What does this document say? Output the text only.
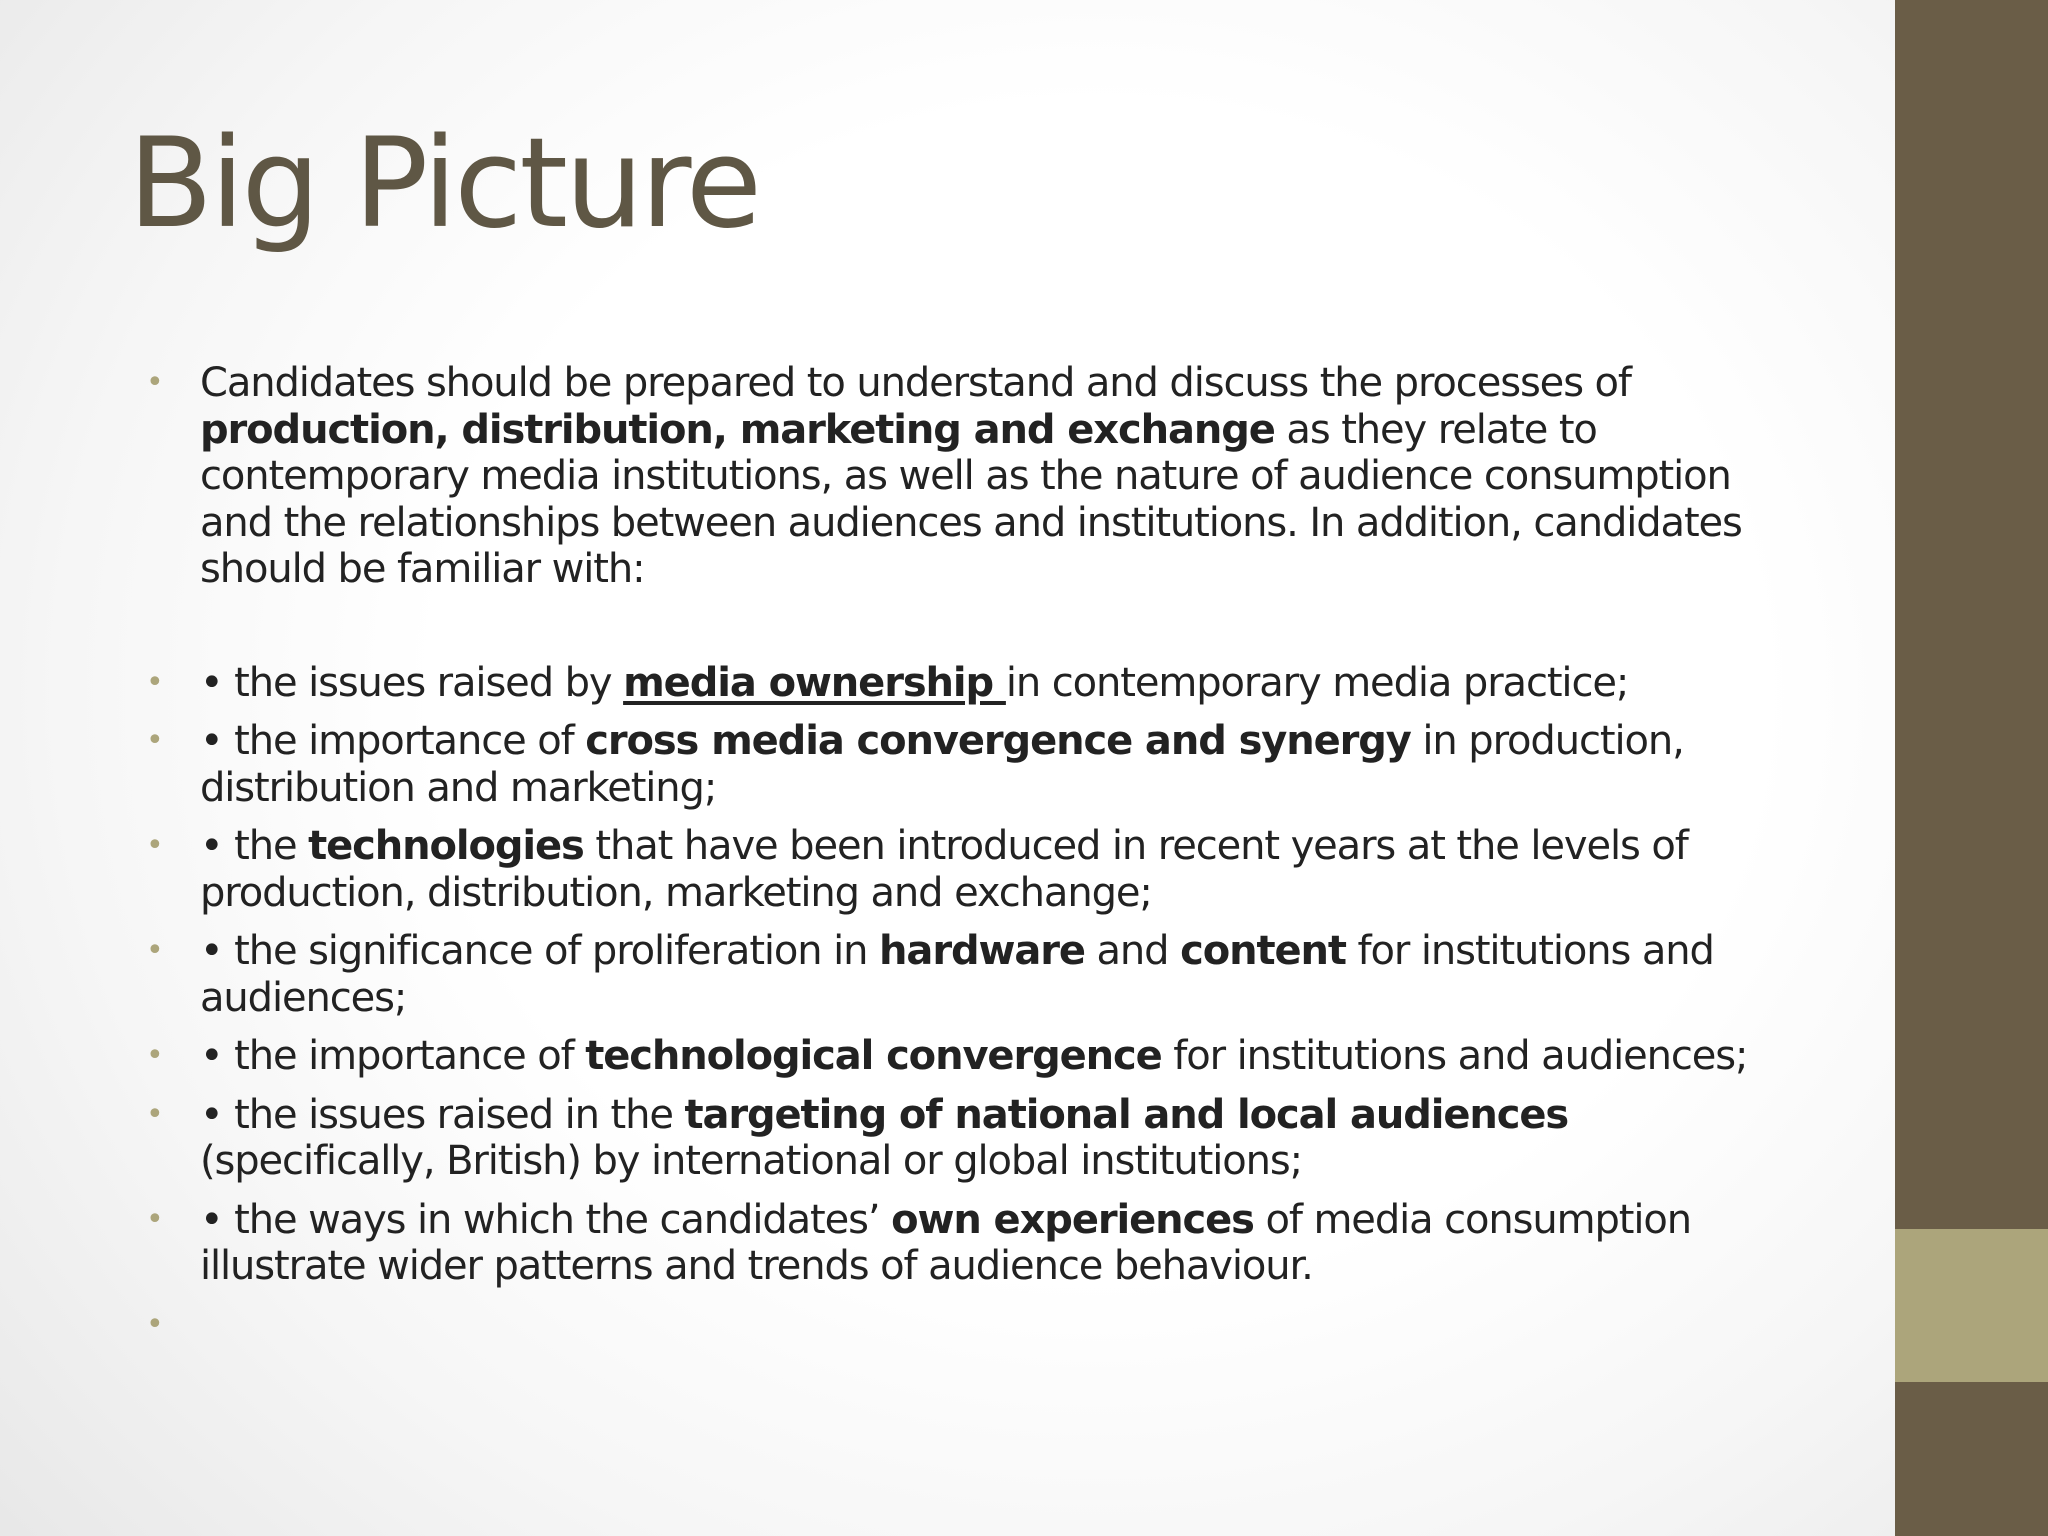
Big Picture
• Candidates should be prepared to understand and discuss the processes of production, distribution, marketing and exchange as they relate to contemporary media institutions, as well as the nature of audience consumption and the relationships between audiences and institutions. In addition, candidates should be familiar with:
• • the issues raised by media ownership in contemporary media practice;
• • the importance of cross media convergence and synergy in production, distribution and marketing;
• • the technologies that have been introduced in recent years at the levels of production, distribution, marketing and exchange;
• • the significance of proliferation in hardware and content for institutions and audiences;
• • the importance of technological convergence for institutions and audiences;
• • the issues raised in the targeting of national and local audiences (specifically, British) by international or global institutions;
• • the ways in which the candidates’ own experiences of media consumption illustrate wider patterns and trends of audience behaviour.
•
